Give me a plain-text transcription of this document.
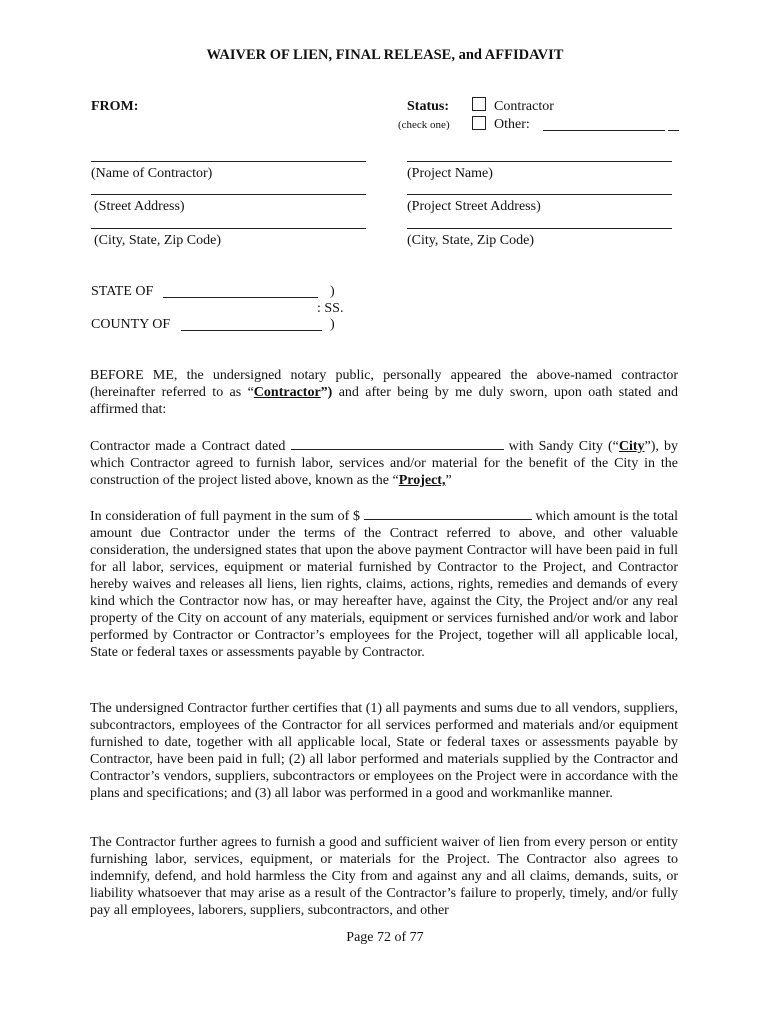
WAIVER OF LIEN, FINAL RELEASE, and AFFIDAVIT
FROM:	Status:
(check one)
Contractor
Other:
(Name of Contractor)	(Project Name)
(Street Address)	(Project Street Address)
(City, State, Zip Code)	(City, State, Zip Code)
STATE OF	)
: SS.
COUNTY OF	)

BEFORE ME, the undersigned notary public, personally appeared the above-named contractor (hereinafter referred to as “Contractor”) and after being by me duly sworn, upon oath stated and affirmed that:

Contractor made a Contract dated	with Sandy City (“City”), by which Contractor agreed to furnish labor, services and/or material for the benefit of the City in the construction of the project listed above, known as the “Project,”

In consideration of full payment in the sum of $	which amount is the total amount due Contractor under the terms of the Contract referred to above, and other valuable consideration, the undersigned states that upon the above payment Contractor will have been paid in full for all labor, services, equipment or material furnished by Contractor to the Project, and Contractor hereby waives and releases all liens, lien rights, claims, actions, rights, remedies and demands of every kind which the Contractor now has, or may hereafter have, against the City, the Project and/or any real property of the City on account of any materials, equipment or services furnished and/or work and labor performed by Contractor or Contractor’s employees for the Project, together will all applicable local, State or federal taxes or assessments payable by Contractor.

The undersigned Contractor further certifies that (1) all payments and sums due to all vendors, suppliers, subcontractors, employees of the Contractor for all services performed and materials and/or equipment furnished to date, together with all applicable local, State or federal taxes or assessments payable by Contractor, have been paid in full; (2) all labor performed and materials supplied by the Contractor and Contractor’s vendors, suppliers, subcontractors or employees on the Project were in accordance with the plans and specifications; and (3) all labor was performed in a good and workmanlike manner.

The Contractor further agrees to furnish a good and sufficient waiver of lien from every person or entity furnishing labor, services, equipment, or materials for the Project. The Contractor also agrees to indemnify, defend, and hold harmless the City from and against any and all claims, demands, suits, or liability whatsoever that may arise as a result of the Contractor’s failure to properly, timely, and/or fully pay all employees, laborers, suppliers, subcontractors, and other

Page 72 of 77
